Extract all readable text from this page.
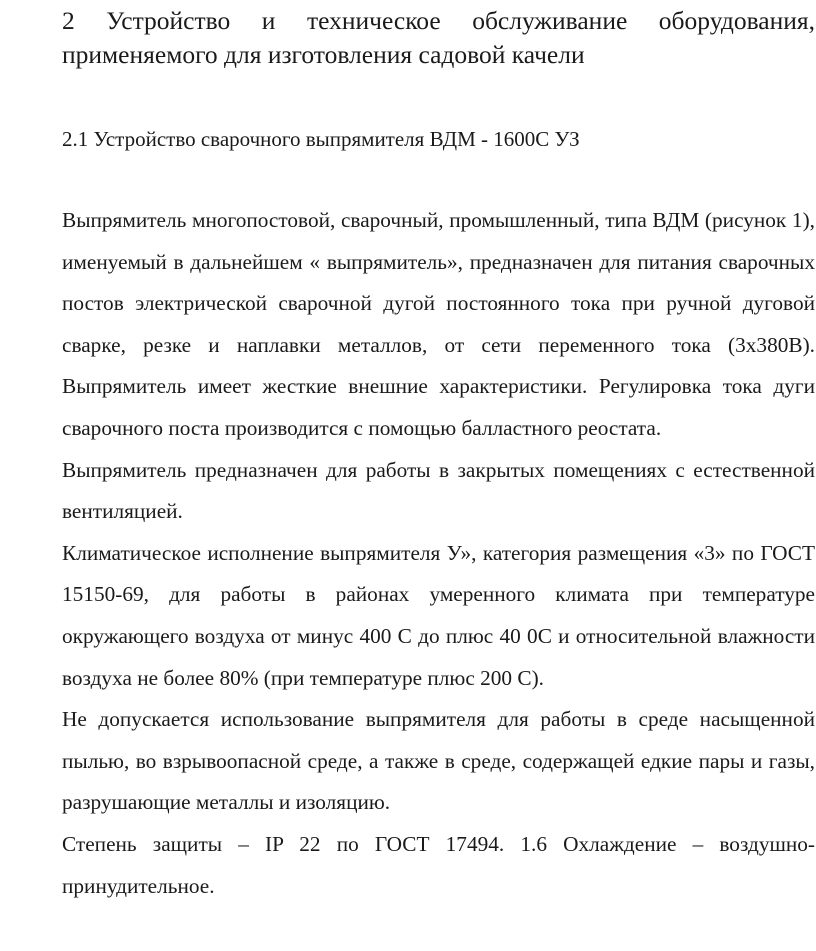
2 Устройство и техническое обслуживание оборудования, применяемого для изготовления садовой качели
2.1 Устройство сварочного выпрямителя ВДМ - 1600С УЗ

Выпрямитель многопостовой, сварочный, промышленный, типа ВДМ (рисунок 1), именуемый в дальнейшем « выпрямитель», предназначен для питания сварочных постов электрической сварочной дугой постоянного тока при ручной дуговой сварке, резке и наплавки металлов, от сети переменного тока (3х380В). Выпрямитель имеет жесткие внешние характеристики. Регулировка тока дуги сварочного поста производится с помощью балластного реостата.

Выпрямитель предназначен для работы в закрытых помещениях с естественной вентиляцией.

Климатическое исполнение выпрямителя У», категория размещения «3» по ГОСТ 15150-69, для работы в районах умеренного климата при температуре окружающего воздуха от минус 400 С до плюс 40 0С и относительной влажности воздуха не более 80% (при температуре плюс 200 С).

Не допускается использование выпрямителя для работы в среде насыщенной пылью, во взрывоопасной среде, а также в среде, содержащей едкие пары и газы, разрушающие металлы и изоляцию.

Степень защиты – IP 22 по ГОСТ 17494. 1.6 Охлаждение – воздушно-принудительное.
